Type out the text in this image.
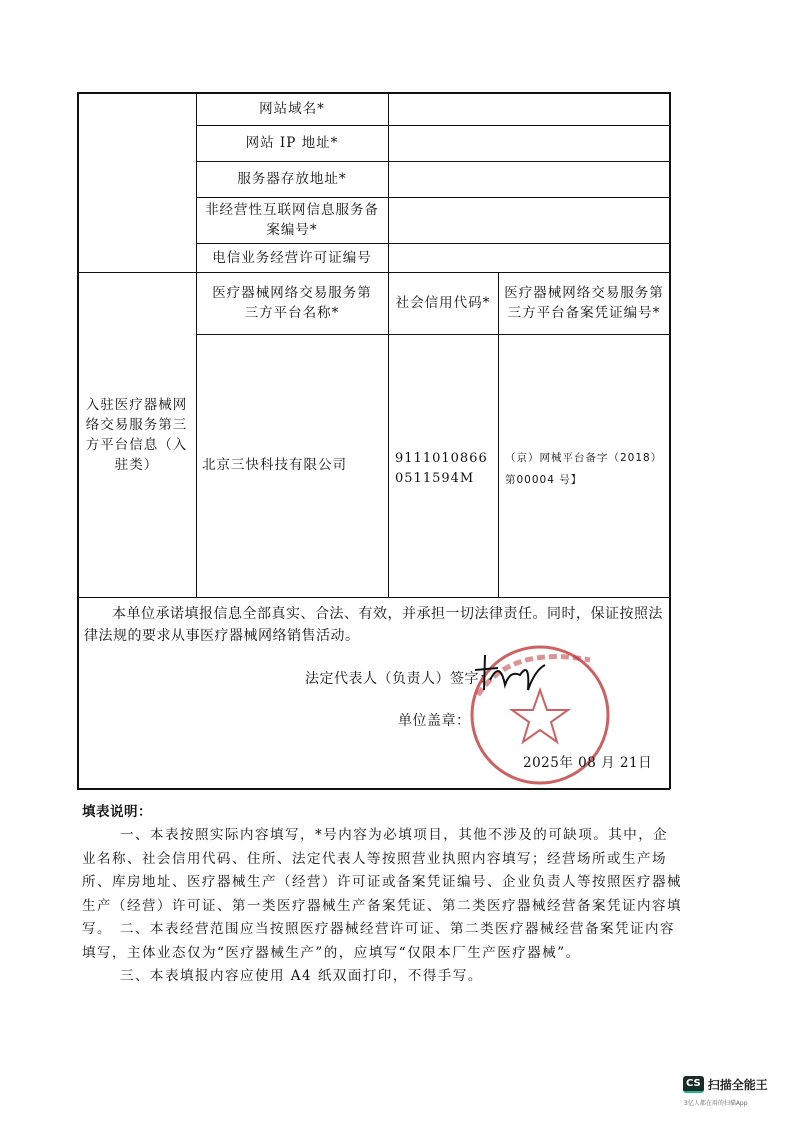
网站域名*
网站 IP 地址*
服务器存放地址*
非经营性互联网信息服务备案编号*
电信业务经营许可证编号
入驻医疗器械网络交易服务第三方平台信息（入驻类）
医疗器械网络交易服务第三方平台名称*
社会信用代码*
医疗器械网络交易服务第三方平台备案凭证编号*
北京三快科技有限公司	91110108660511594M
（京）网械平台备字（2018）第00004 号】
本单位承诺填报信息全部真实、合法、有效，并承担一切法律责任。同时，保证按照法律法规的要求从事医疗器械网络销售活动。
法定代表人（负责人）签字：
单位盖章：
2025年 08 月 21日
填表说明：
一、本表按照实际内容填写，*号内容为必填项目，其他不涉及的可缺项。其中，企业名称、社会信用代码、住所、法定代表人等按照营业执照内容填写；经营场所或生产场所、库房地址、医疗器械生产（经营）许可证或备案凭证编号、企业负责人等按照医疗器械生产（经营）许可证、第一类医疗器械生产备案凭证、第二类医疗器械经营备案凭证内容填写。 二、本表经营范围应当按照医疗器械经营许可证、第二类医疗器械经营备案凭证内容填写，主体业态仅为“医疗器械生产”的，应填写“仅限本厂生产医疗器械”。
三、本表填报内容应使用 A4 纸双面打印，不得手写。
CS 扫描全能王
3亿人都在用的扫描App
